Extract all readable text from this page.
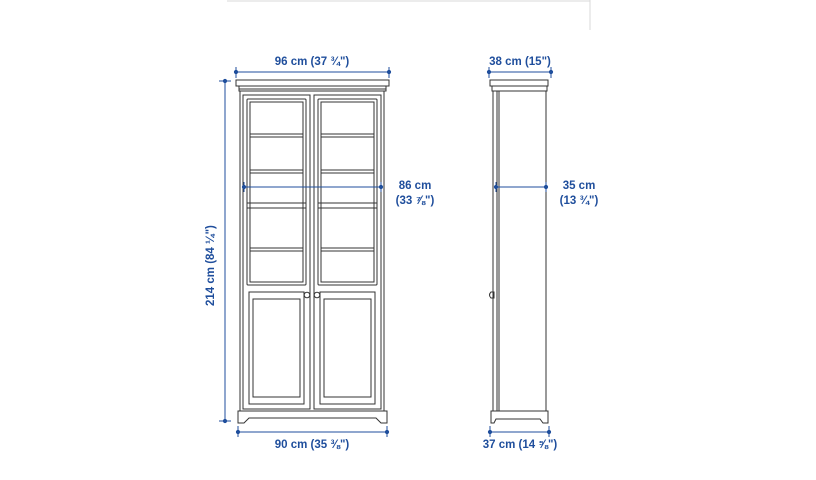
96 cm (37 ¾")
90 cm (35 ⅜")
86 cm
(33 ⅞")
214 cm (84 ¼")
38 cm (15")
37 cm (14 ⅝")
35 cm
(13 ¾")
